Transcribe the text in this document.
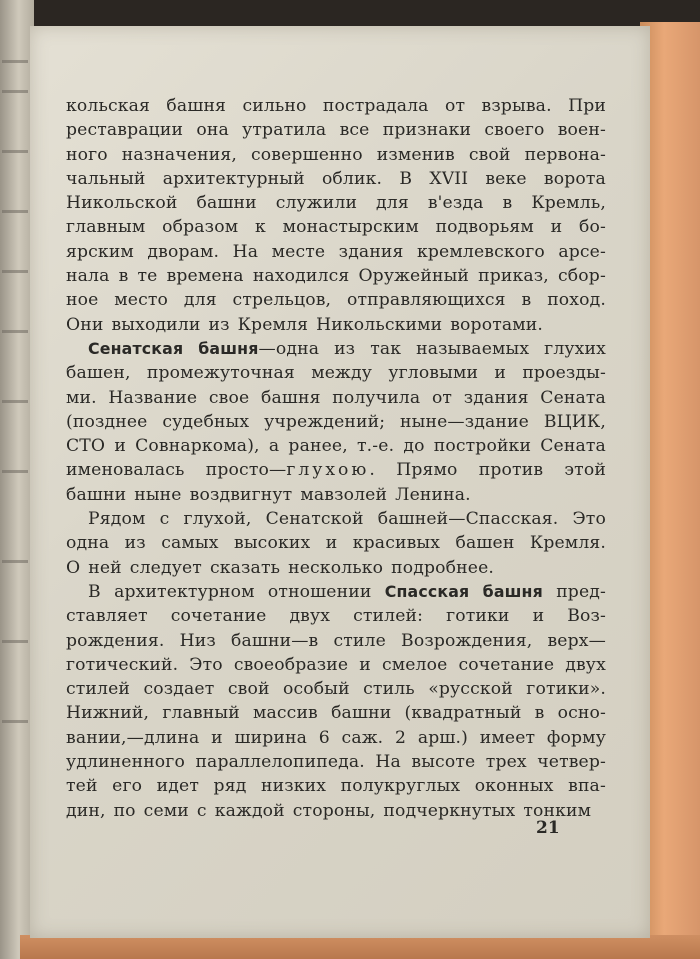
кольская башня сильно пострадала от взрыва. При
реставрации она утратила все признаки своего воен-
ного назначения, совершенно изменив свой первона-
чальный архитектурный облик. В XVII веке ворота
Никольской башни служили для в'езда в Кремль,
главным образом к монастырским подворьям и бо-
ярским дворам. На месте здания кремлевского арсе-
нала в те времена находился Оружейный приказ, сбор-
ное место для стрельцов, отправляющихся в поход.
Они выходили из Кремля Никольскими воротами.
Сенатская башня—одна из так называемых глухих
башен, промежуточная между угловыми и проезды-
ми. Название свое башня получила от здания Сената
(позднее судебных учреждений; ныне—здание ВЦИК,
СТО и Совнаркома), а ранее, т.-е. до постройки Сената
именовалась просто—глухою. Прямо против этой
башни ныне воздвигнут мавзолей Ленина.
Рядом с глухой, Сенатской башней—Спасская. Это
одна из самых высоких и красивых башен Кремля.
О ней следует сказать несколько подробнее.
В архитектурном отношении Спасская башня пред-
ставляет сочетание двух стилей: готики и Воз-
рождения. Низ башни—в стиле Возрождения, верх—
готический. Это своеобразие и смелое сочетание двух
стилей создает свой особый стиль «русской готики».
Нижний, главный массив башни (квадратный в осно-
вании,—длина и ширина 6 саж. 2 арш.) имеет форму
удлиненного параллелопипеда. На высоте трех четвер-
тей его идет ряд низких полукруглых оконных впа-
дин, по семи с каждой стороны, подчеркнутых тонким
21
